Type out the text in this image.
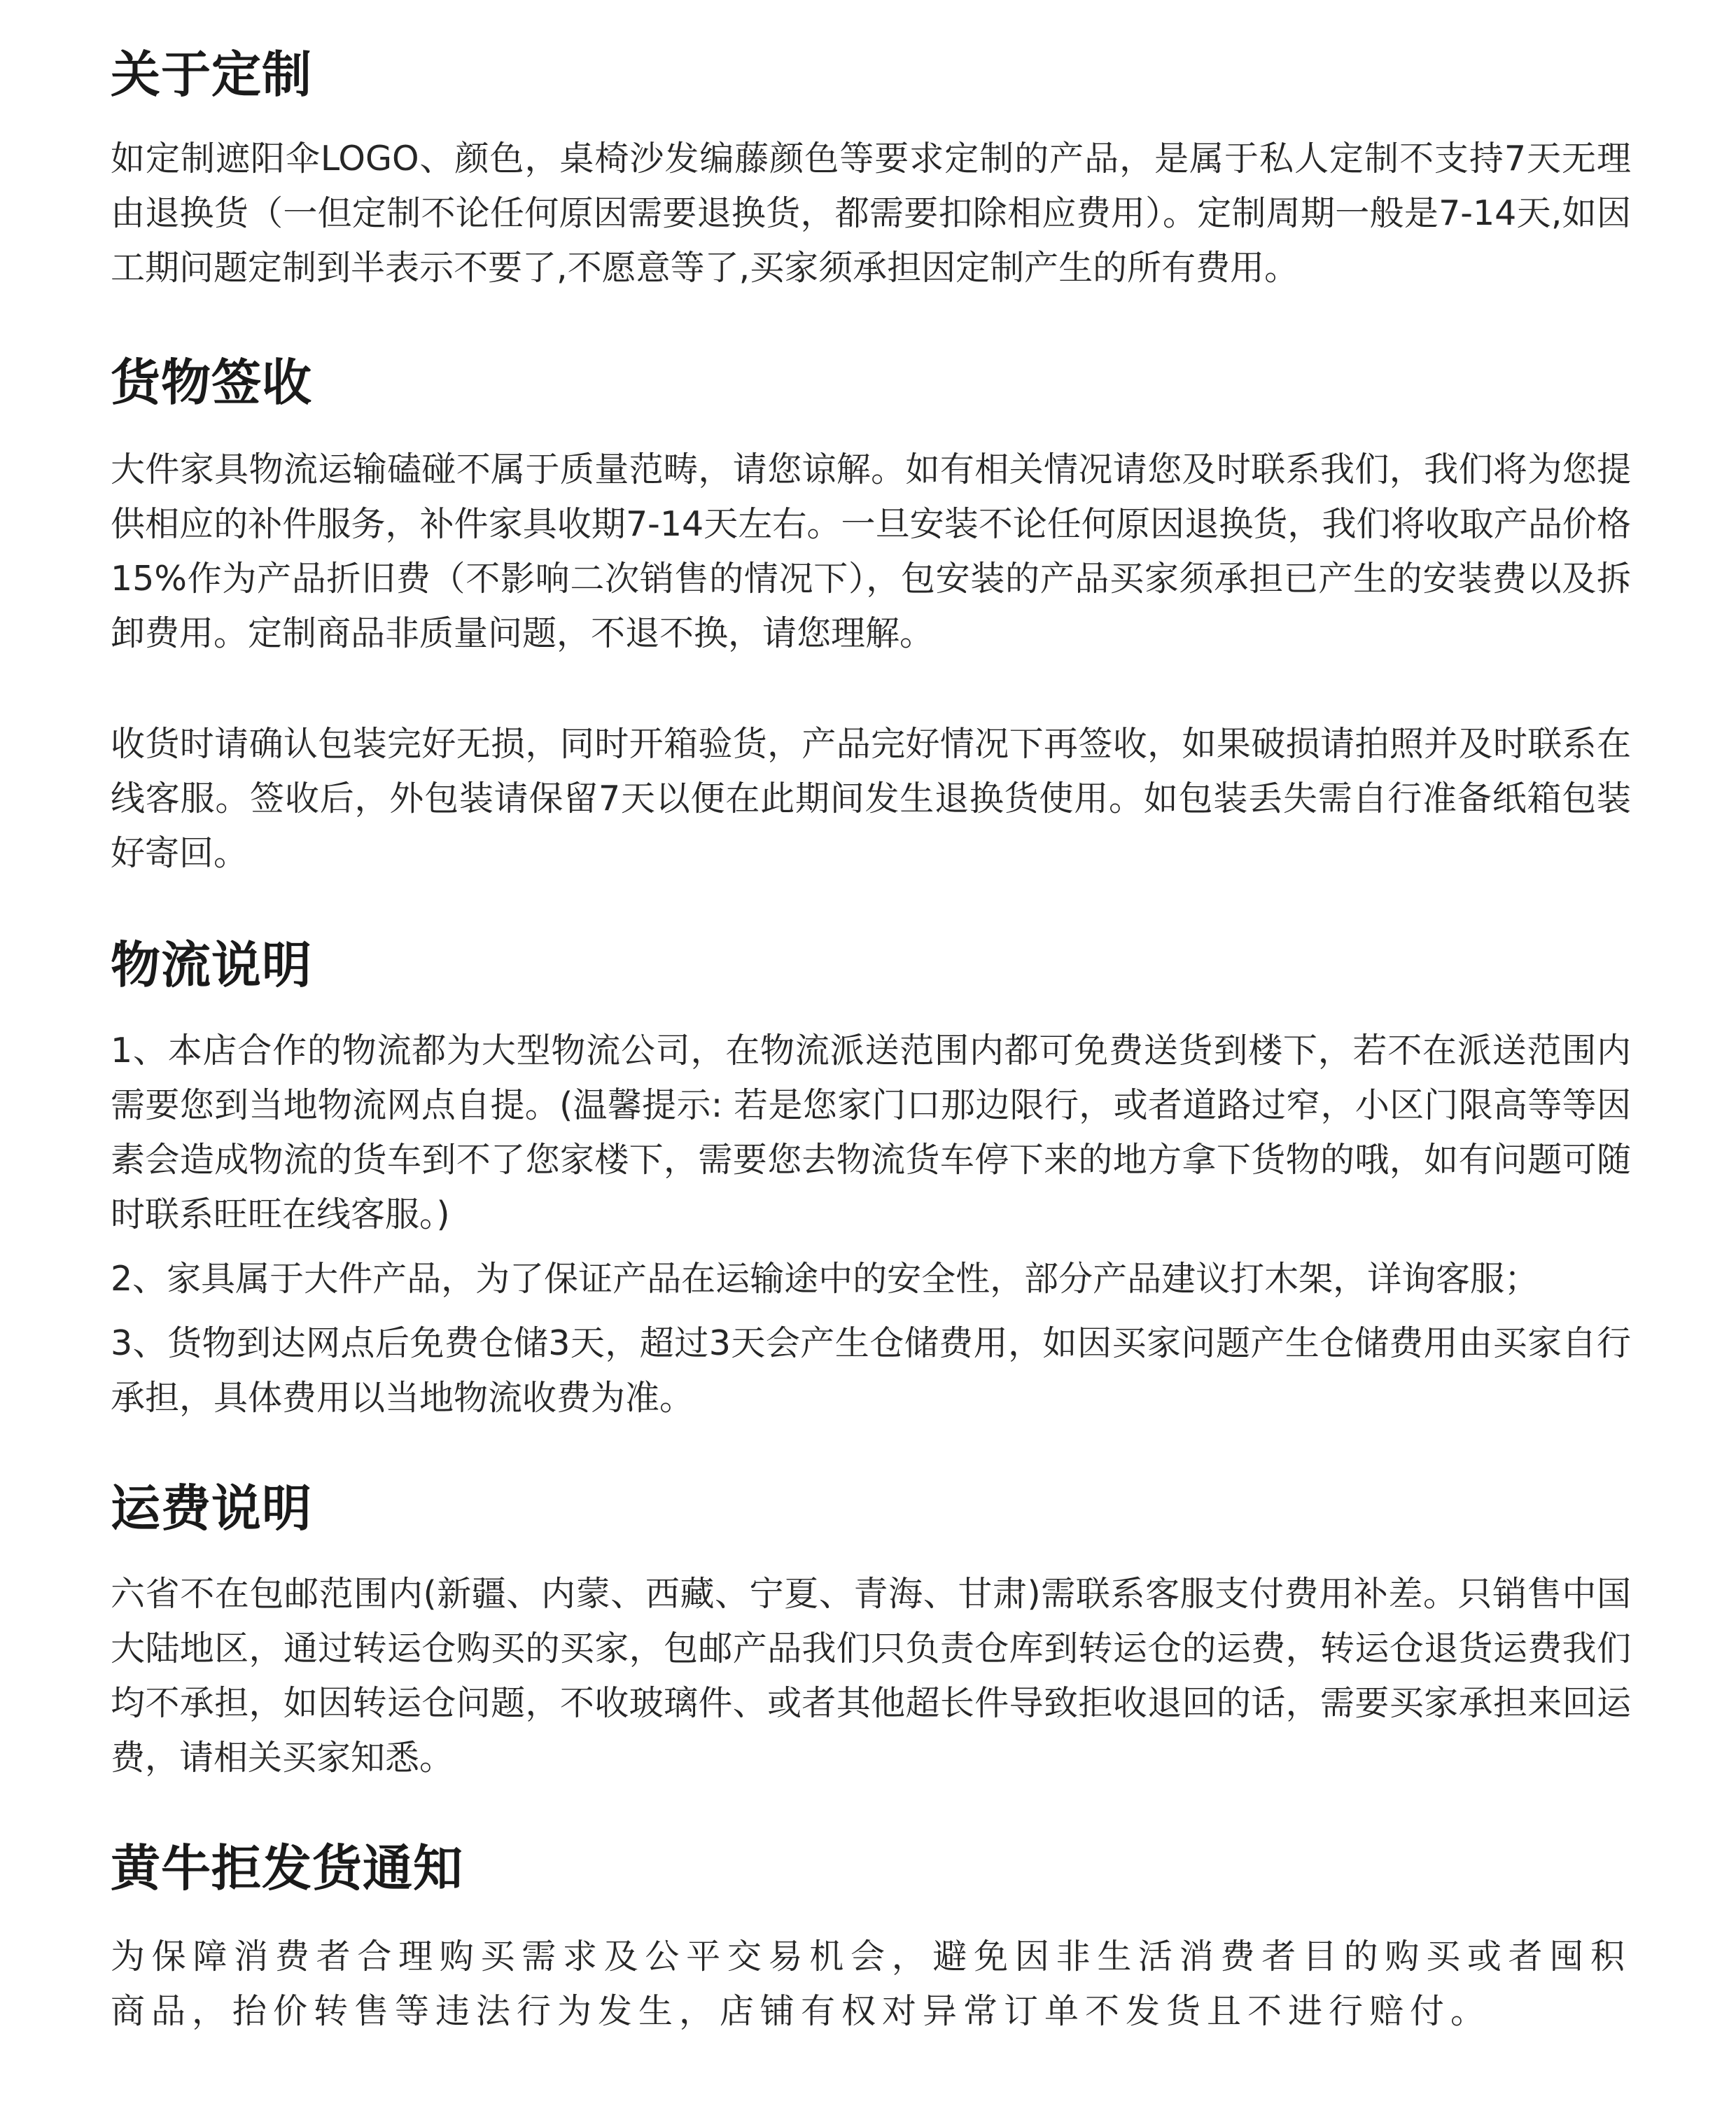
关于定制

如定制遮阳伞LOGO、颜色，桌椅沙发编藤颜色等要求定制的产品，是属于私人定制不支持7天无理由退换货（一但定制不论任何原因需要退换货，都需要扣除相应费用）。定制周期一般是7-14天,如因工期问题定制到半表示不要了,不愿意等了,买家须承担因定制产生的所有费用。

货物签收

大件家具物流运输磕碰不属于质量范畴，请您谅解。如有相关情况请您及时联系我们，我们将为您提供相应的补件服务，补件家具收期7-14天左右。一旦安装不论任何原因退换货，我们将收取产品价格15%作为产品折旧费（不影响二次销售的情况下），包安装的产品买家须承担已产生的安装费以及拆卸费用。定制商品非质量问题，不退不换，请您理解。

收货时请确认包装完好无损，同时开箱验货，产品完好情况下再签收，如果破损请拍照并及时联系在线客服。签收后，外包装请保留7天以便在此期间发生退换货使用。如包装丢失需自行准备纸箱包装好寄回。

物流说明

1、本店合作的物流都为大型物流公司，在物流派送范围内都可免费送货到楼下，若不在派送范围内需要您到当地物流网点自提。(温馨提示: 若是您家门口那边限行，或者道路过窄，小区门限高等等因素会造成物流的货车到不了您家楼下，需要您去物流货车停下来的地方拿下货物的哦，如有问题可随时联系旺旺在线客服。)

2、家具属于大件产品，为了保证产品在运输途中的安全性，部分产品建议打木架，详询客服；

3、货物到达网点后免费仓储3天，超过3天会产生仓储费用，如因买家问题产生仓储费用由买家自行承担，具体费用以当地物流收费为准。

运费说明

六省不在包邮范围内(新疆、内蒙、西藏、宁夏、青海、甘肃)需联系客服支付费用补差。只销售中国大陆地区，通过转运仓购买的买家，包邮产品我们只负责仓库到转运仓的运费，转运仓退货运费我们均不承担，如因转运仓问题，不收玻璃件、或者其他超长件导致拒收退回的话，需要买家承担来回运费，请相关买家知悉。

黄牛拒发货通知

为保障消费者合理购买需求及公平交易机会，避免因非生活消费者目的购买或者囤积商品，抬价转售等违法行为发生，店铺有权对异常订单不发货且不进行赔付。
